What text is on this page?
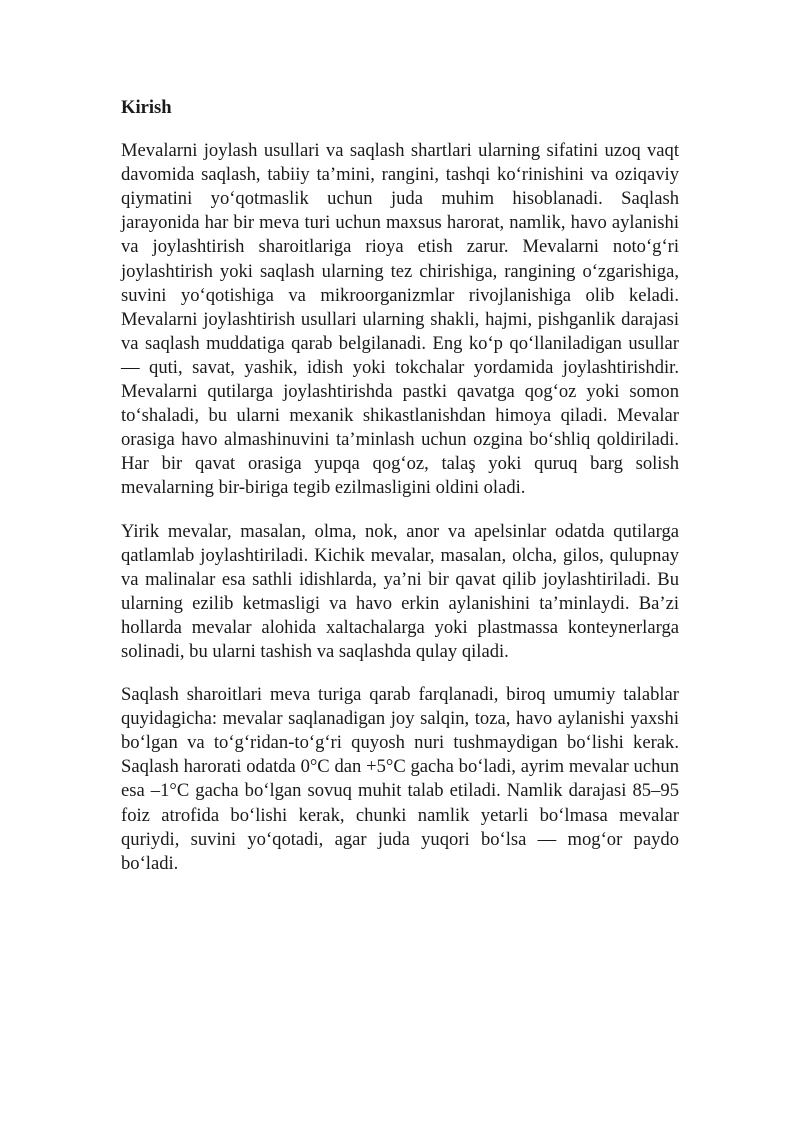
Kirish

Mevalarni joylash usullari va saqlash shartlari ularning sifatini uzoq vaqt davomida saqlash, tabiiy ta’mini, rangini, tashqi ko‘rinishini va oziqaviy qiymatini yo‘qotmaslik uchun juda muhim hisoblanadi. Saqlash jarayonida har bir meva turi uchun maxsus harorat, namlik, havo aylanishi va joylashtirish sharoitlariga rioya etish zarur. Mevalarni noto‘g‘ri joylashtirish yoki saqlash ularning tez chirishiga, rangining o‘zgarishiga, suvini yo‘qotishiga va mikroorganizmlar rivojlanishiga olib keladi. Mevalarni joylashtirish usullari ularning shakli, hajmi, pishganlik darajasi va saqlash muddatiga qarab belgilanadi. Eng ko‘p qo‘llaniladigan usullar — quti, savat, yashik, idish yoki tokchalar yordamida joylashtirishdir. Mevalarni qutilarga joylashtirishda pastki qavatga qog‘oz yoki somon to‘shaladi, bu ularni mexanik shikastlanishdan himoya qiladi. Mevalar orasiga havo almashinuvini ta’minlash uchun ozgina bo‘shliq qoldiriladi. Har bir qavat orasiga yupqa qog‘oz, talaş yoki quruq barg solish mevalarning bir-biriga tegib ezilmasligini oldini oladi.

Yirik mevalar, masalan, olma, nok, anor va apelsinlar odatda qutilarga qatlamlab joylashtiriladi. Kichik mevalar, masalan, olcha, gilos, qulupnay va malinalar esa sathli idishlarda, ya’ni bir qavat qilib joylashtiriladi. Bu ularning ezilib ketmasligi va havo erkin aylanishini ta’minlaydi. Ba’zi hollarda mevalar alohida xaltachalarga yoki plastmassa konteynerlarga solinadi, bu ularni tashish va saqlashda qulay qiladi.

Saqlash sharoitlari meva turiga qarab farqlanadi, biroq umumiy talablar quyidagicha: mevalar saqlanadigan joy salqin, toza, havo aylanishi yaxshi bo‘lgan va to‘g‘ridan-to‘g‘ri quyosh nuri tushmaydigan bo‘lishi kerak. Saqlash harorati odatda 0°C dan +5°C gacha bo‘ladi, ayrim mevalar uchun esa –1°C gacha bo‘lgan sovuq muhit talab etiladi. Namlik darajasi 85–95 foiz atrofida bo‘lishi kerak, chunki namlik yetarli bo‘lmasa mevalar quriydi, suvini yo‘qotadi, agar juda yuqori bo‘lsa — mog‘or paydo bo‘ladi.
